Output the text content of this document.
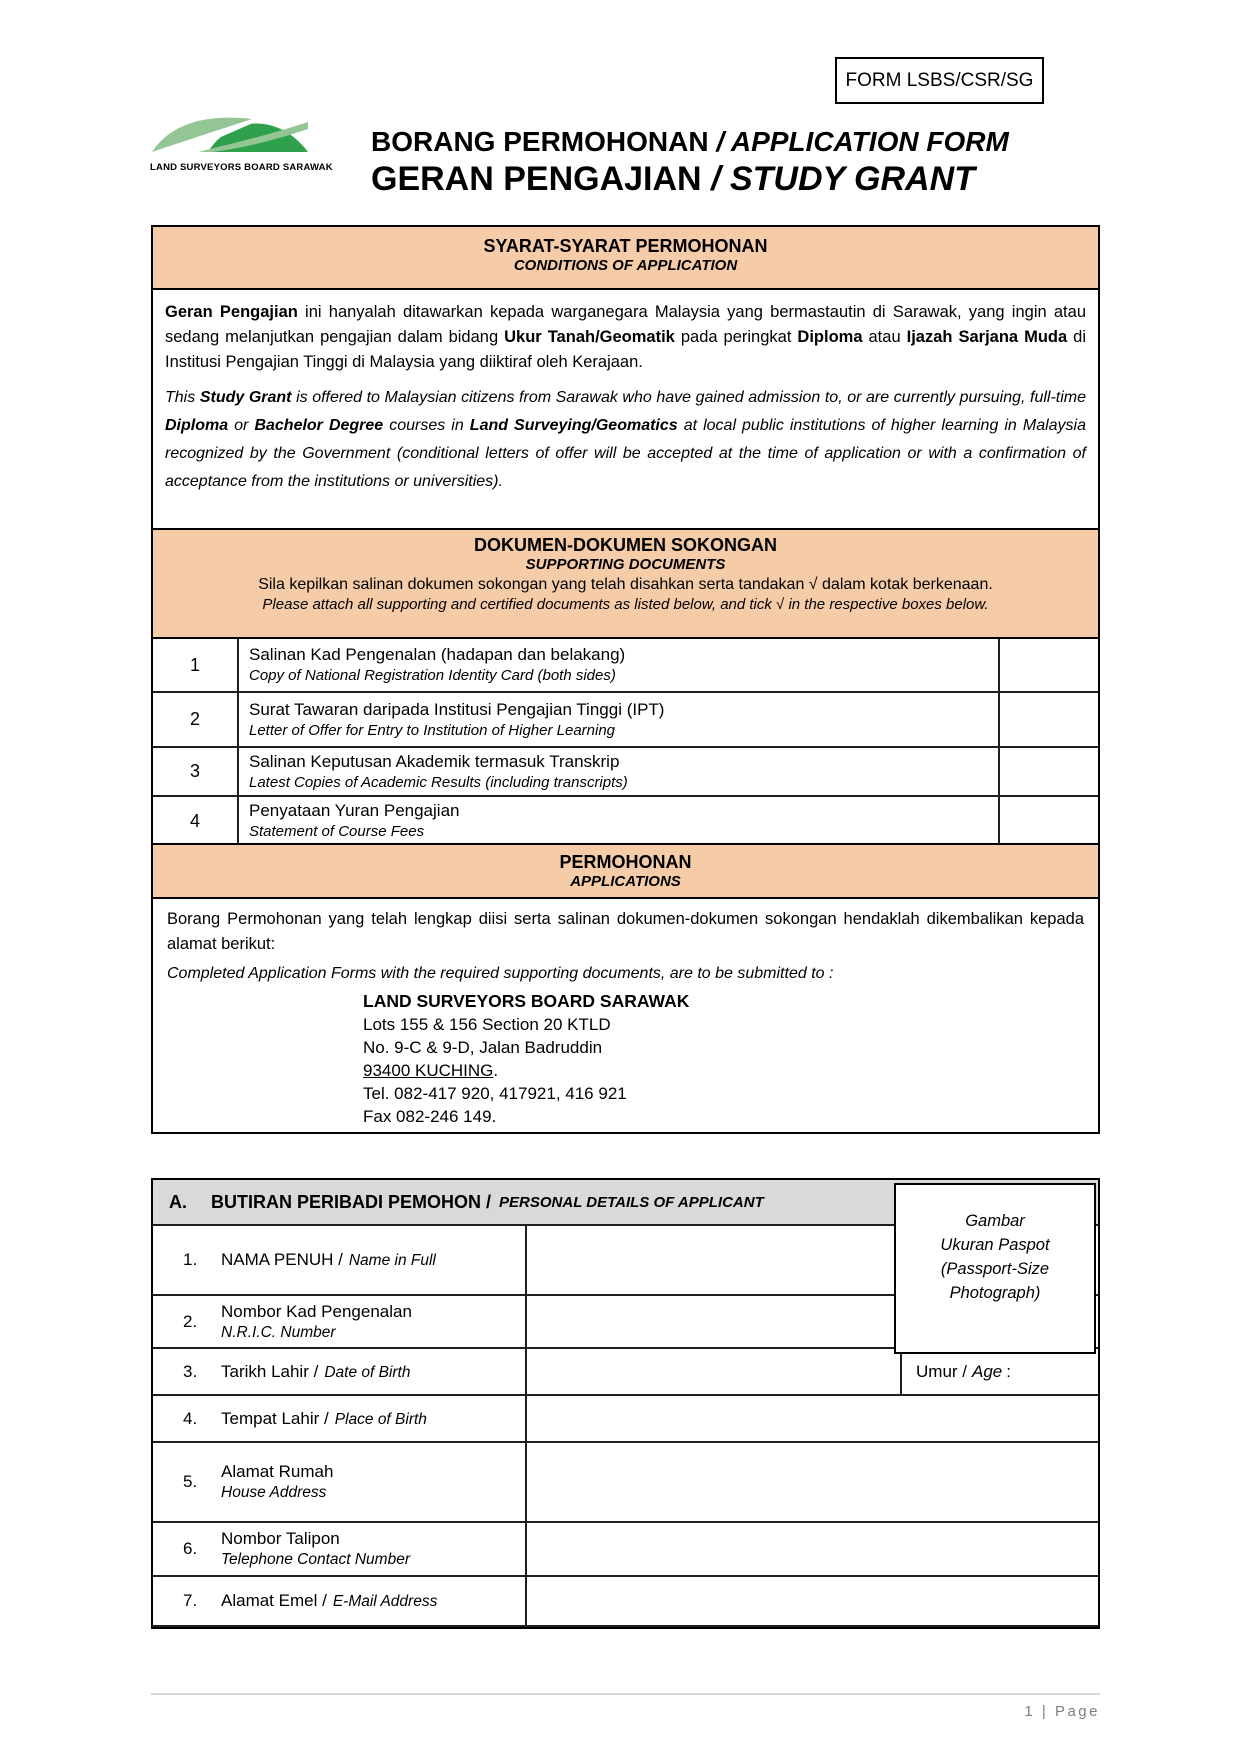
FORM LSBS/CSR/SG
LAND SURVEYORS BOARD SARAWAK
BORANG PERMOHONAN / APPLICATION FORM
GERAN PENGAJIAN / STUDY GRANT
SYARAT-SYARAT PERMOHONAN
CONDITIONS OF APPLICATION

Geran Pengajian ini hanyalah ditawarkan kepada warganegara Malaysia yang bermastautin di Sarawak, yang ingin atau sedang melanjutkan pengajian dalam bidang Ukur Tanah/Geomatik pada peringkat Diploma atau Ijazah Sarjana Muda di Institusi Pengajian Tinggi di Malaysia yang diiktiraf oleh Kerajaan.

This Study Grant is offered to Malaysian citizens from Sarawak who have gained admission to, or are currently pursuing, full-time Diploma or Bachelor Degree courses in Land Surveying/Geomatics at local public institutions of higher learning in Malaysia recognized by the Government (conditional letters of offer will be accepted at the time of application or with a confirmation of acceptance from the institutions or universities).

DOKUMEN-DOKUMEN SOKONGAN
SUPPORTING DOCUMENTS
Sila kepilkan salinan dokumen sokongan yang telah disahkan serta tandakan √ dalam kotak berkenaan.
Please attach all supporting and certified documents as listed below, and tick √ in the respective boxes below.
1	Salinan Kad Pengenalan (hadapan dan belakang)
Copy of National Registration Identity Card (both sides)
2	Surat Tawaran daripada Institusi Pengajian Tinggi (IPT)
Letter of Offer for Entry to Institution of Higher Learning
3	Salinan Keputusan Akademik termasuk Transkrip
Latest Copies of Academic Results (including transcripts)
4	Penyataan Yuran Pengajian
Statement of Course Fees
PERMOHONAN
APPLICATIONS

Borang Permohonan yang telah lengkap diisi serta salinan dokumen-dokumen sokongan hendaklah dikembalikan kepada alamat berikut:

Completed Application Forms with the required supporting documents, are to be submitted to :

LAND SURVEYORS BOARD SARAWAK
Lots 155 & 156 Section 20 KTLD
No. 9-C & 9-D, Jalan Badruddin
93400 KUCHING.
Tel. 082-417 920, 417921, 416 921
Fax 082-246 149.
A.	BUTIRAN PERIBADI PEMOHON / PERSONAL DETAILS OF APPLICANT
1.	NAMA PENUH / Name in Full
2.
Nombor Kad Pengenalan
N.R.I.C. Number
3.	Tarikh Lahir / Date of Birth	Umur / Age :
4.	Tempat Lahir / Place of Birth
5.
Alamat Rumah
House Address
6.
Nombor Talipon
Telephone Contact Number
7.	Alamat Emel / E-Mail Address
Gambar
Ukuran Paspot
(Passport-Size
Photograph)
1 | Page
